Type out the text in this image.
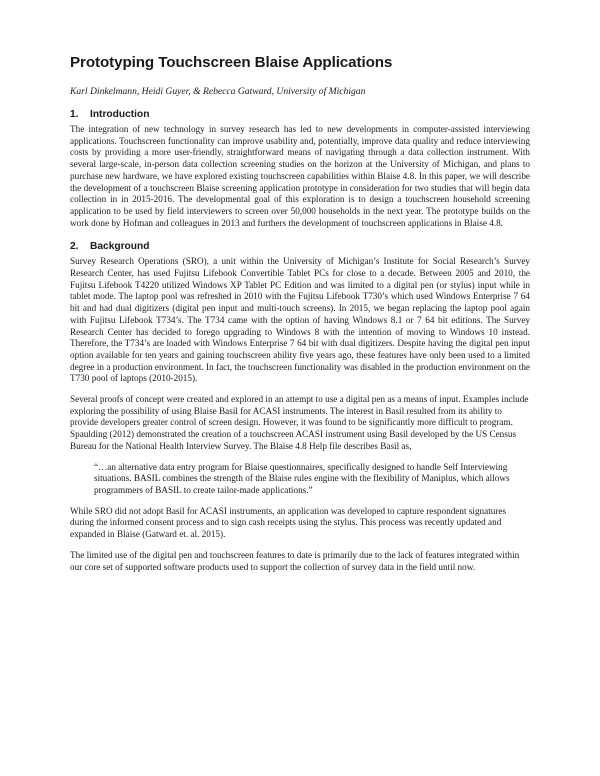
Prototyping Touchscreen Blaise Applications
Karl Dinkelmann, Heidi Guyer, & Rebecca Gatward, University of Michigan
1.	Introduction

The integration of new technology in survey research has led to new developments in computer-assisted interviewing applications. Touchscreen functionality can improve usability and, potentially, improve data quality and reduce interviewing costs by providing a more user-friendly, straightforward means of navigating through a data collection instrument. With several large-scale, in-person data collection screening studies on the horizon at the University of Michigan, and plans to purchase new hardware, we have explored existing touchscreen capabilities within Blaise 4.8. In this paper, we will describe the development of a touchscreen Blaise screening application prototype in consideration for two studies that will begin data collection in in 2015-2016. The developmental goal of this exploration is to design a touchscreen household screening application to be used by field interviewers to screen over 50,000 households in the next year. The prototype builds on the work done by Hofman and colleagues in 2013 and furthers the development of touchscreen applications in Blaise 4.8.

2.	Background

Survey Research Operations (SRO), a unit within the University of Michigan’s Institute for Social Research’s Survey Research Center, has used Fujitsu Lifebook Convertible Tablet PCs for close to a decade. Between 2005 and 2010, the Fujitsu Lifebook T4220 utilized Windows XP Tablet PC Edition and was limited to a digital pen (or stylus) input while in tablet mode. The laptop pool was refreshed in 2010 with the Fujitsu Lifebook T730’s which used Windows Enterprise 7 64 bit and had dual digitizers (digital pen input and multi-touch screens). In 2015, we began replacing the laptop pool again with Fujitsu Lifebook T734’s. The T734 came with the option of having Windows 8.1 or 7 64 bit editions. The Survey Research Center has decided to forego upgrading to Windows 8 with the intention of moving to Windows 10 instead. Therefore, the T734’s are loaded with Windows Enterprise 7 64 bit with dual digitizers. Despite having the digital pen input option available for ten years and gaining touchscreen ability five years ago, these features have only been used to a limited degree in a production environment. In fact, the touchscreen functionality was disabled in the production environment on the T730 pool of laptops (2010-2015).

Several proofs of concept were created and explored in an attempt to use a digital pen as a means of input. Examples include exploring the possibility of using Blaise Basil for ACASI instruments. The interest in Basil resulted from its ability to provide developers greater control of screen design. However, it was found to be significantly more difficult to program. Spaulding (2012) demonstrated the creation of a touchscreen ACASI instrument using Basil developed by the US Census Bureau for the National Health Interview Survey. The Blaise 4.8 Help file describes Basil as,

“…an alternative data entry program for Blaise questionnaires, specifically designed to handle Self Interviewing situations. BASIL combines the strength of the Blaise rules engine with the flexibility of Maniplus, which allows programmers of BASIL to create tailor-made applications.”

While SRO did not adopt Basil for ACASI instruments, an application was developed to capture respondent signatures during the informed consent process and to sign cash receipts using the stylus. This process was recently updated and expanded in Blaise (Gatward et. al. 2015).

The limited use of the digital pen and touchscreen features to date is primarily due to the lack of features integrated within our core set of supported software products used to support the collection of survey data in the field until now.
